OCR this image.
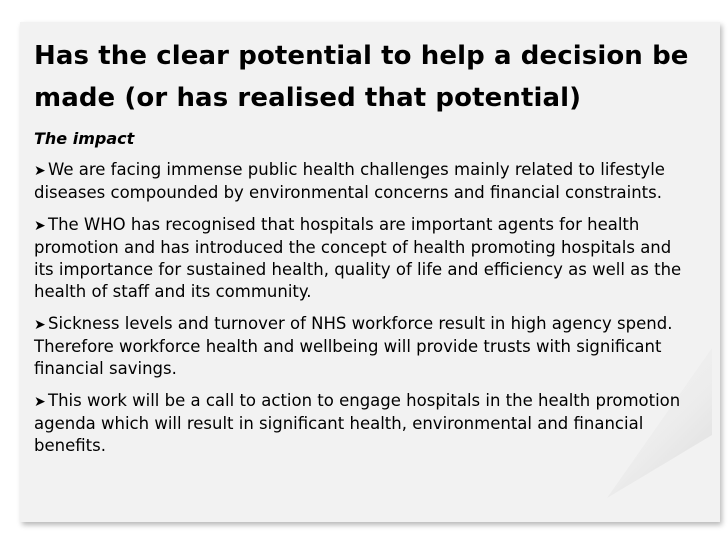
Has the clear potential to help a decision be made (or has realised that potential)
The impact
➤ We are facing immense public health challenges mainly related to lifestyle diseases compounded by environmental concerns and financial constraints.
➤ The WHO has recognised that hospitals are important agents for health promotion and has introduced the concept of health promoting hospitals and its importance for sustained health, quality of life and efficiency as well as the health of staff and its community.
➤ Sickness levels and turnover of NHS workforce result in high agency spend. Therefore workforce health and wellbeing will provide trusts with significant financial savings.
➤ This work will be a call to action to engage hospitals in the health promotion agenda which will result in significant health, environmental and financial benefits.
